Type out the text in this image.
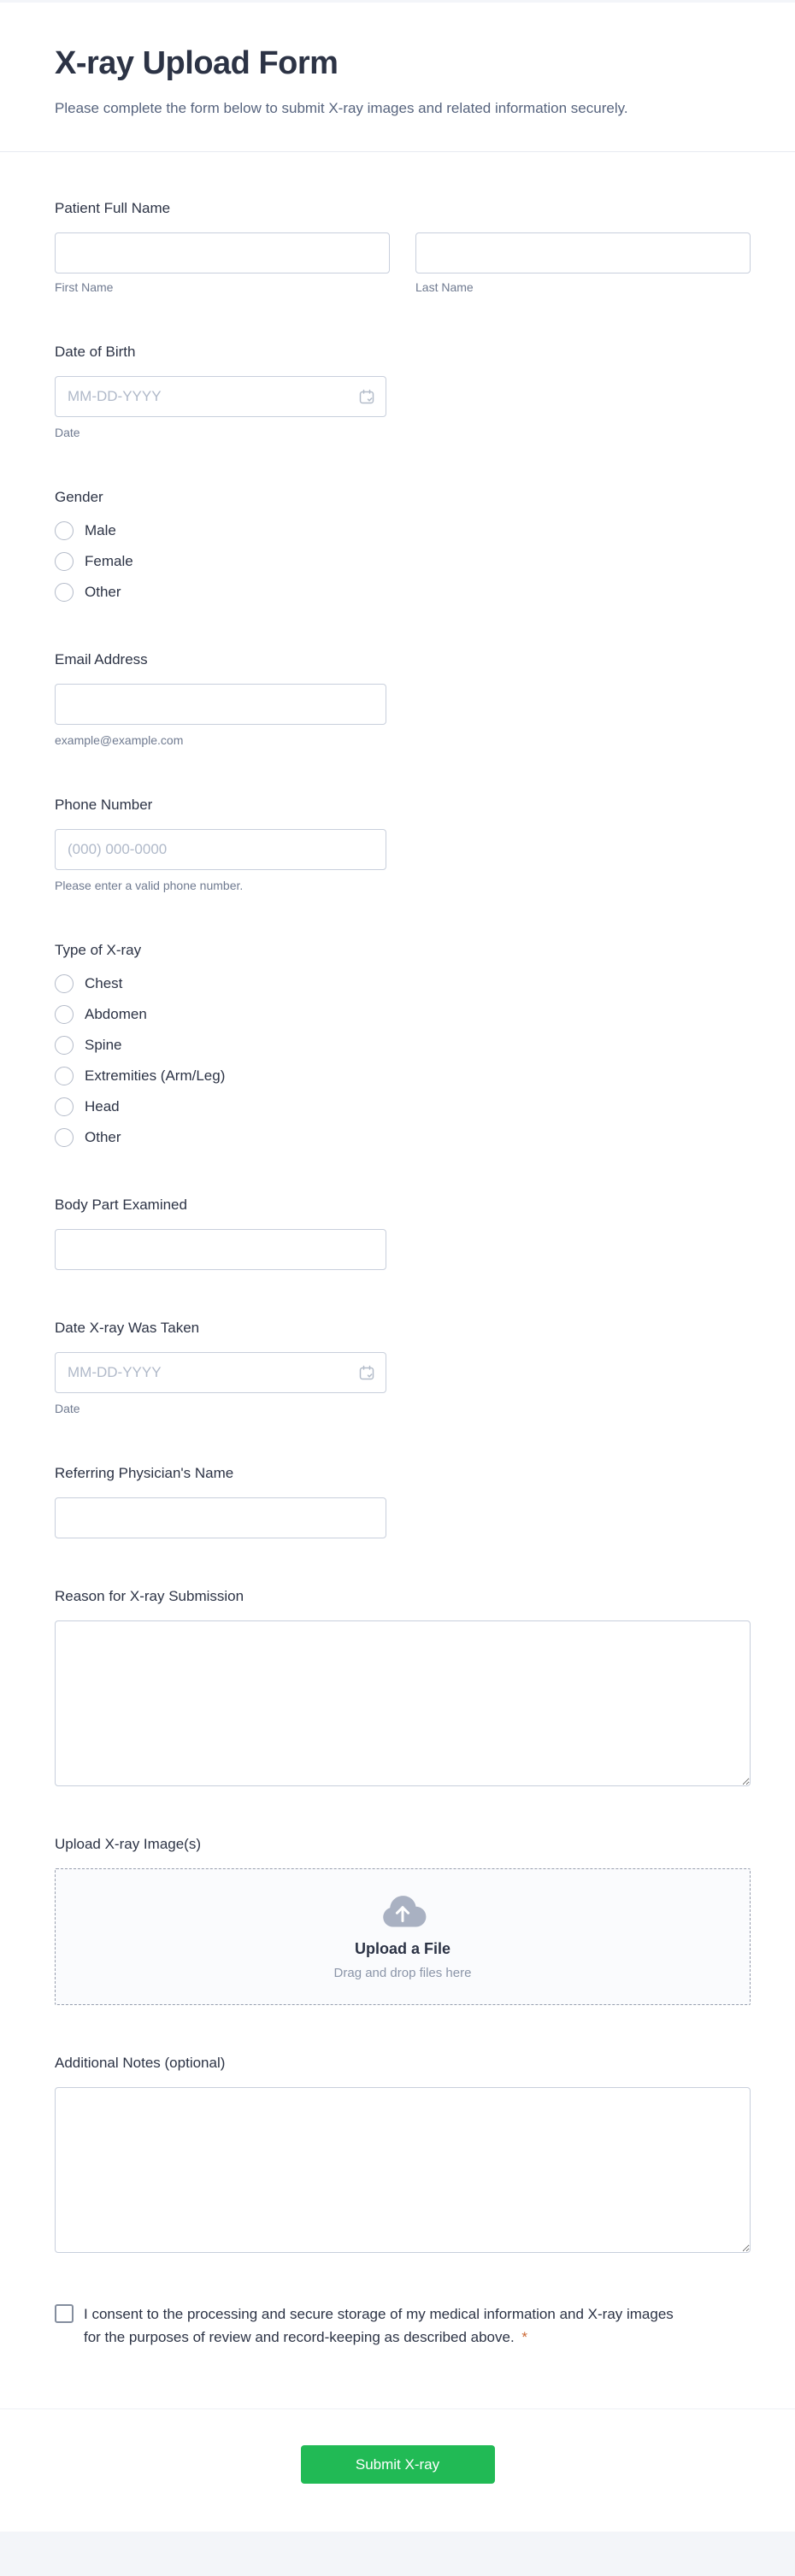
X-ray Upload Form

Please complete the form below to submit X-ray images and related information securely.

Patient Full Name
First Name	Last Name
Date of Birth
MM-DD-YYYY
Date
Gender
Male
Female
Other
Email Address
example@example.com
Phone Number
(000) 000-0000
Please enter a valid phone number.
Type of X-ray
Chest
Abdomen
Spine
Extremities (Arm/Leg)
Head
Other
Body Part Examined
Date X-ray Was Taken
MM-DD-YYYY
Date
Referring Physician's Name
Reason for X-ray Submission
Upload X-ray Image(s)
Upload a File
Drag and drop files here
Additional Notes (optional)
I consent to the processing and secure storage of my medical information and X-ray images for the purposes of review and record-keeping as described above. *
Submit X-ray
